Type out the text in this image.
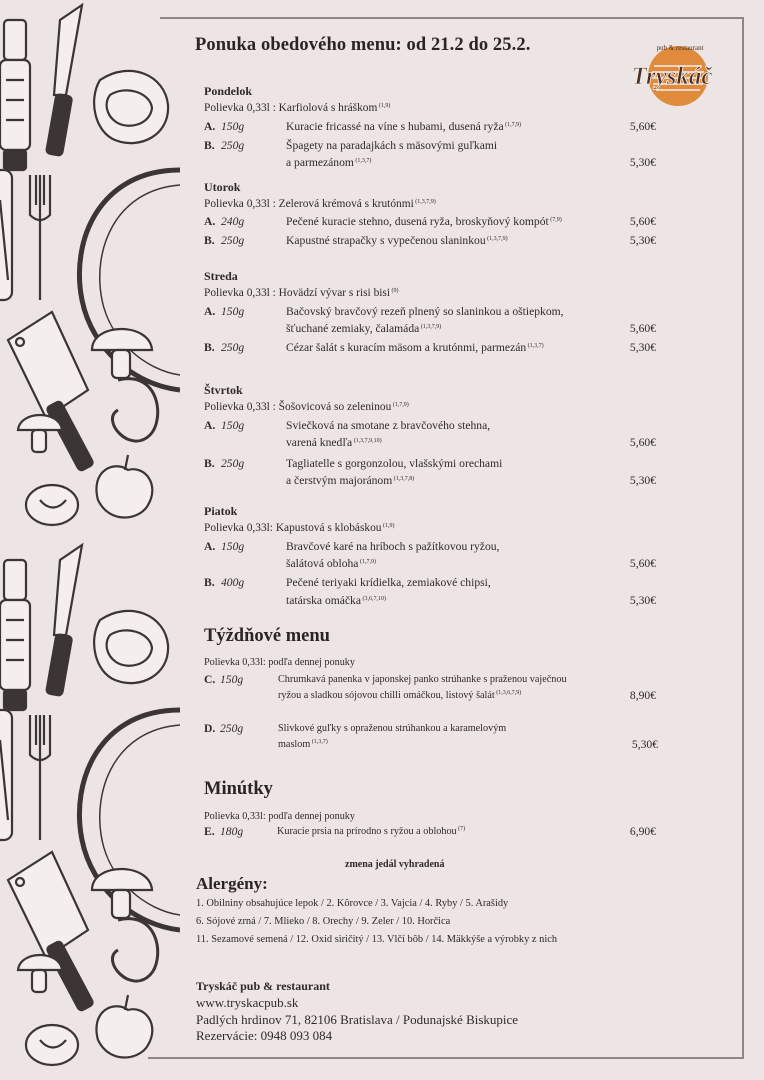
Tryskáč
pub & restaurant
Ponuka obedového menu: od 21.2 do 25.2.
Pondelok
Polievka 0,33l : Karfiolová s hráškom $^{(1,9)}$
A. 150g	Kuracie fricassé na víne s hubami, dusená ryža $^{(1,7,9)}$	5,60€
B. 250g	Špagety na paradajkách s mäsovými guľkami
a parmezánom $^{(1,3,7)}$	5,30€
Utorok
Polievka 0,33l : Zelerová krémová s krutónmi $^{(1,3,7,9)}$
A. 240g	Pečené kuracie stehno, dusená ryža, broskyňový kompót $^{(7,9)}$	5,60€
B. 250g	Kapustné strapačky s vypečenou slaninkou $^{(1,3,7,9)}$	5,30€
Streda
Polievka 0,33l : Hovädzí vývar s risi bisi $^{(9)}$
A. 150g	Bačovský bravčový rezeň plnený so slaninkou a oštiepkom,
šťuchané zemiaky, čalamáda $^{(1,3,7,9)}$	5,60€
B. 250g	Cézar šalát s kuracím mäsom a krutónmi, parmezán $^{(1,3,7)}$	5,30€
Štvrtok
Polievka 0,33l : Šošovicová so zeleninou $^{(1,7,9)}$
A. 150g	Sviečková na smotane z bravčového stehna,
varená knedľa $^{(1,3,7,9,10)}$	5,60€
B. 250g	Tagliatelle s gorgonzolou, vlašskými orechami
a čerstvým majoránom $^{(1,3,7,8)}$	5,30€
Piatok
Polievka 0,33l: Kapustová s klobáskou $^{(1,9)}$
A. 150g	Bravčové karé na hríboch s pažítkovou ryžou,
šalátová obloha $^{(1,7,9)}$	5,60€
B. 400g	Pečené teriyaki krídielka, zemiakové chipsi,
tatárska omáčka $^{(3,6,7,10)}$	5,30€
Týždňové menu
Polievka 0,33l: podľa dennej ponuky
C. 150g	Chrumkavá panenka v japonskej panko strúhanke s praženou vaječnou
ryžou a sladkou sójovou chilli omáčkou, listový šalát $^{(1,3,6,7,9)}$	8,90€
D. 250g	Slivkové guľky s opraženou strúhankou a karamelovým
maslom $^{(1,3,7)}$	5,30€
Minútky
Polievka 0,33l: podľa dennej ponuky
E. 180g	Kuracie prsia na prírodno s ryžou a oblohou $^{(7)}$	6,90€
zmena jedál vyhradená
Alergény:
1. Obilniny obsahujúce lepok / 2. Kôrovce / 3. Vajcia / 4. Ryby / 5. Arašidy
6. Sójové zrná / 7. Mlieko / 8. Orechy / 9. Zeler / 10. Horčica
11. Sezamové semená / 12. Oxid siričitý / 13. Vlčí bôb / 14. Mäkkýše a výrobky z nich
Tryskáč pub & restaurant
www.tryskacpub.sk
Padlých hrdinov 71, 82106 Bratislava / Podunajské Biskupice
Rezervácie: 0948 093 084
